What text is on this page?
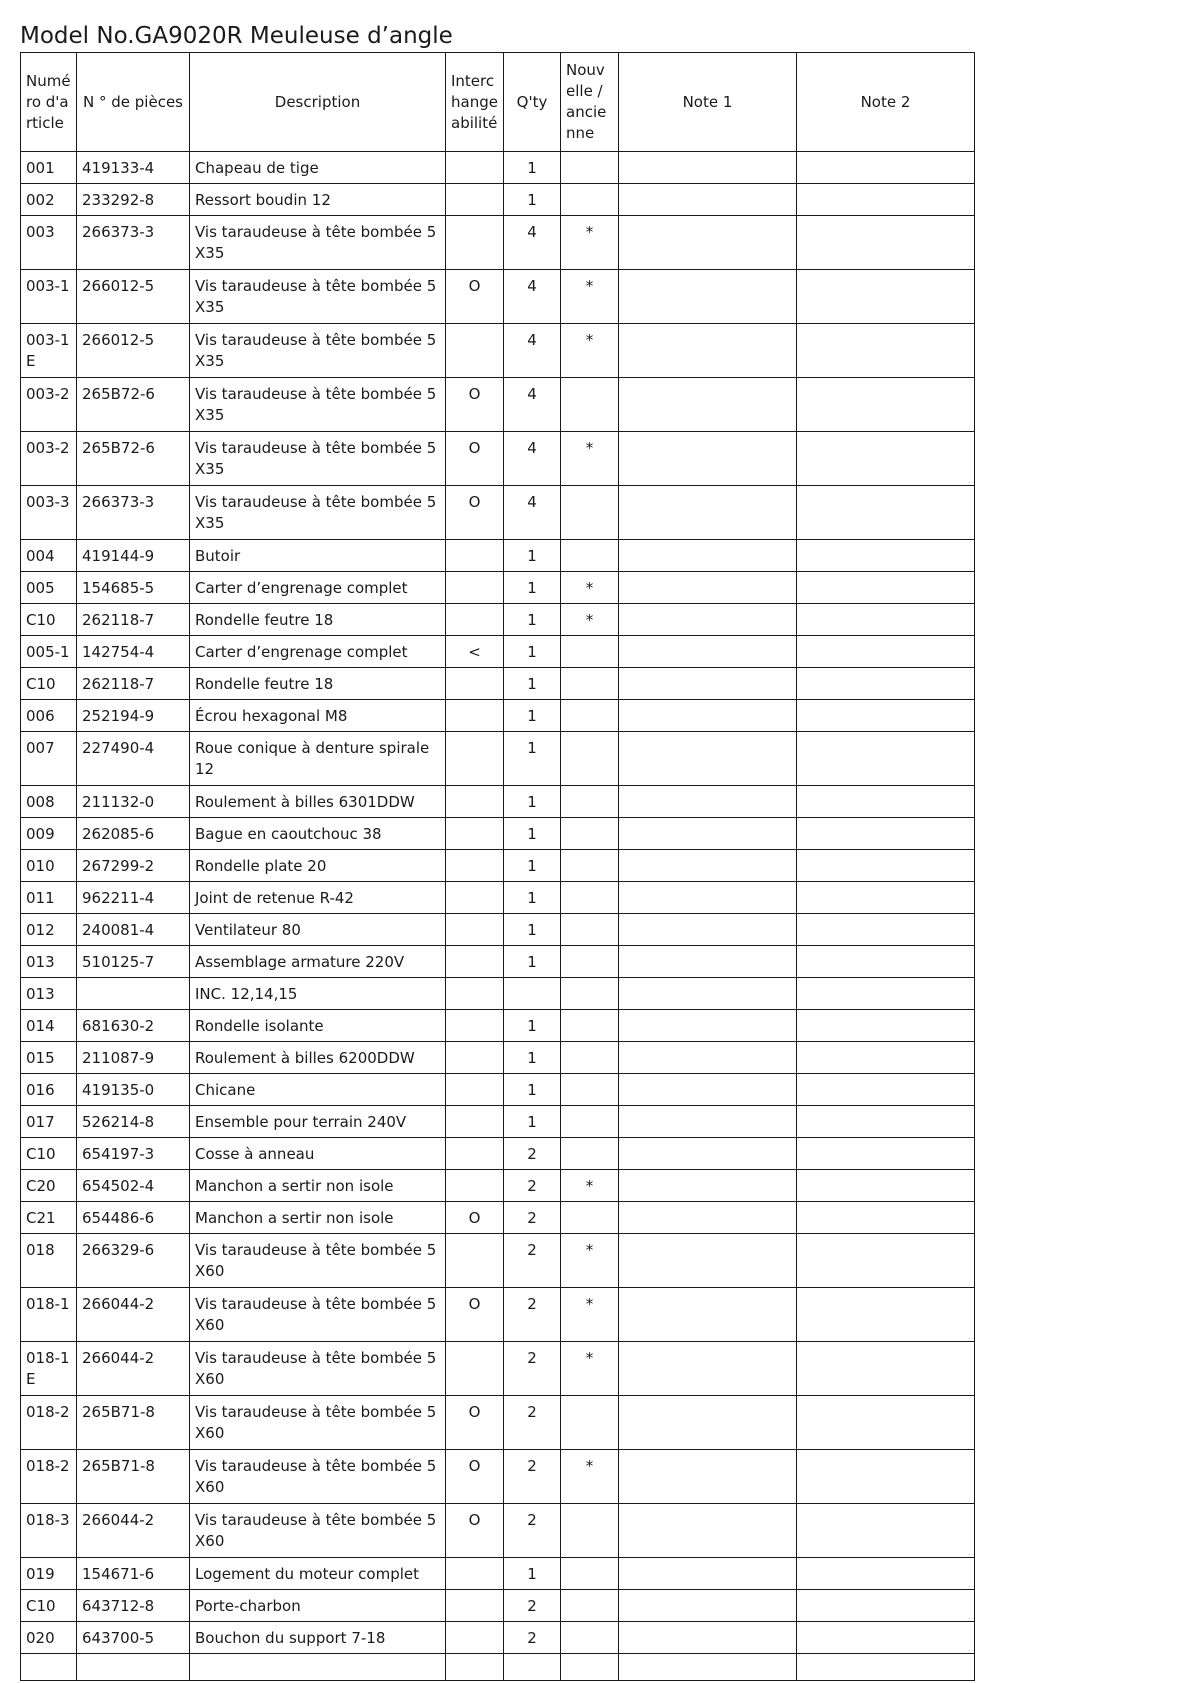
Model No.GA9020R Meuleuse d’angle
Numéro d'article	N ° de pièces	Description	Interchangeabilité	Q'ty	Nouvelle / ancienne	Note 1	Note 2
001	419133-4	Chapeau de tige		1			
002	233292-8	Ressort boudin 12		1			
003	266373-3	Vis taraudeuse à tête bombée 5X35		4	*		
003-1	266012-5	Vis taraudeuse à tête bombée 5X35	O	4	*		
003-1E	266012-5	Vis taraudeuse à tête bombée 5X35		4	*		
003-2	265B72-6	Vis taraudeuse à tête bombée 5X35	O	4			
003-2	265B72-6	Vis taraudeuse à tête bombée 5X35	O	4	*		
003-3	266373-3	Vis taraudeuse à tête bombée 5X35	O	4			
004	419144-9	Butoir		1			
005	154685-5	Carter d’engrenage complet		1	*		
C10	262118-7	Rondelle feutre 18		1	*		
005-1	142754-4	Carter d’engrenage complet	<	1			
C10	262118-7	Rondelle feutre 18		1			
006	252194-9	Écrou hexagonal M8		1			
007	227490-4	Roue conique à denture spirale 12		1			
008	211132-0	Roulement à billes 6301DDW		1			
009	262085-6	Bague en caoutchouc 38		1			
010	267299-2	Rondelle plate 20		1			
011	962211-4	Joint de retenue R-42		1			
012	240081-4	Ventilateur 80		1			
013	510125-7	Assemblage armature 220V		1			
013		INC. 12,14,15					
014	681630-2	Rondelle isolante		1			
015	211087-9	Roulement à billes 6200DDW		1			
016	419135-0	Chicane		1			
017	526214-8	Ensemble pour terrain 240V		1			
C10	654197-3	Cosse à anneau		2			
C20	654502-4	Manchon a sertir non isole		2	*		
C21	654486-6	Manchon a sertir non isole	O	2			
018	266329-6	Vis taraudeuse à tête bombée 5X60		2	*		
018-1	266044-2	Vis taraudeuse à tête bombée 5X60	O	2	*		
018-1E	266044-2	Vis taraudeuse à tête bombée 5X60		2	*		
018-2	265B71-8	Vis taraudeuse à tête bombée 5X60	O	2			
018-2	265B71-8	Vis taraudeuse à tête bombée 5X60	O	2	*		
018-3	266044-2	Vis taraudeuse à tête bombée 5X60	O	2			
019	154671-6	Logement du moteur complet		1			
C10	643712-8	Porte-charbon		2			
020	643700-5	Bouchon du support 7-18		2			
